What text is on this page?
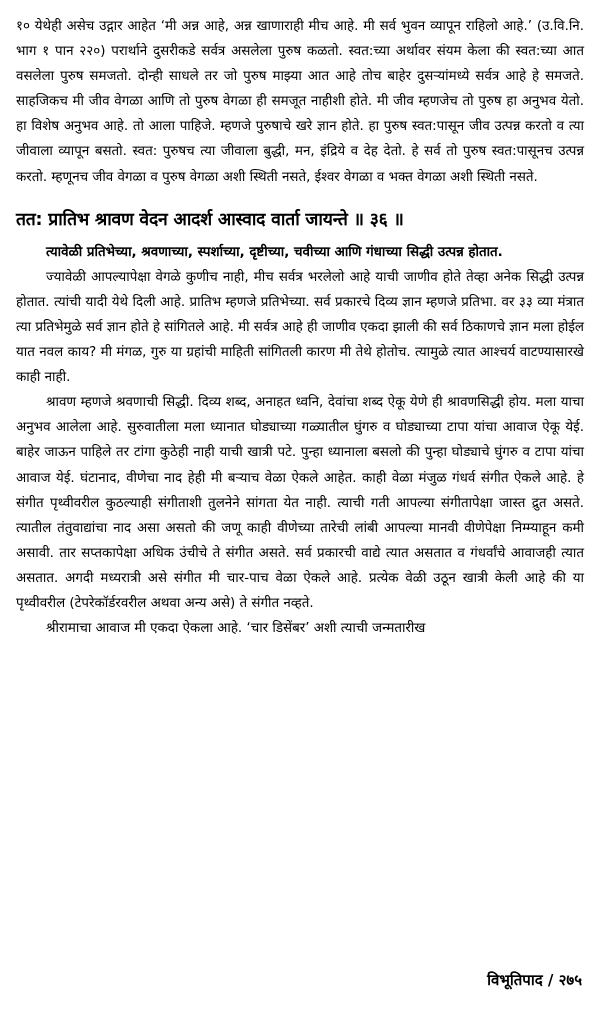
१० येथेही असेच उद्गार आहेत ‘मी अन्न आहे, अन्न खाणाराही मीच आहे. मी सर्व भुवन व्यापून राहिलो आहे.’ (उ.वि.नि. भाग १ पान २२०) परार्थाने दुसरीकडे सर्वत्र असलेला पुरुष कळतो. स्वत:च्या अर्थावर संयम केला की स्वत:च्या आत वसलेला पुरुष समजतो. दोन्ही साधले तर जो पुरुष माझ्या आत आहे तोच बाहेर दुसऱ्यांमध्ये सर्वत्र आहे हे समजते. साहजिकच मी जीव वेगळा आणि तो पुरुष वेगळा ही समजूत नाहीशी होते. मी जीव म्हणजेच तो पुरुष हा अनुभव येतो. हा विशेष अनुभव आहे. तो आला पाहिजे. म्हणजे पुरुषाचे खरे ज्ञान होते. हा पुरुष स्वत:पासून जीव उत्पन्न करतो व त्या जीवाला व्यापून बसतो. स्वत: पुरुषच त्या जीवाला बुद्धी, मन, इंद्रिये व देह देतो. हे सर्व तो पुरुष स्वत:पासूनच उत्पन्न करतो. म्हणूनच जीव वेगळा व पुरुष वेगळा अशी स्थिती नसते, ईश्वर वेगळा व भक्त वेगळा अशी स्थिती नसते.

तत: प्रातिभ श्रावण वेदन आदर्श आस्वाद वार्ता जायन्ते ॥ ३६ ॥

त्यावेळी प्रतिभेच्या, श्रवणाच्या, स्पर्शाच्या, दृष्टीच्या, चवीच्या आणि गंधाच्या सिद्धी उत्पन्न होतात.

ज्यावेळी आपल्यापेक्षा वेगळे कुणीच नाही, मीच सर्वत्र भरलेलो आहे याची जाणीव होते तेव्हा अनेक सिद्धी उत्पन्न होतात. त्यांची यादी येथे दिली आहे. प्रातिभ म्हणजे प्रतिभेच्या. सर्व प्रकारचे दिव्य ज्ञान म्हणजे प्रतिभा. वर ३३ व्या मंत्रात त्या प्रतिभेमुळे सर्व ज्ञान होते हे सांगितले आहे. मी सर्वत्र आहे ही जाणीव एकदा झाली की सर्व ठिकाणचे ज्ञान मला होईल यात नवल काय? मी मंगळ, गुरु या ग्रहांची माहिती सांगितली कारण मी तेथे होतोच. त्यामुळे त्यात आश्चर्य वाटण्यासारखे काही नाही.

श्रावण म्हणजे श्रवणाची सिद्धी. दिव्य शब्द, अनाहत ध्वनि, देवांचा शब्द ऐकू येणे ही श्रावणसिद्धी होय. मला याचा अनुभव आलेला आहे. सुरुवातीला मला ध्यानात घोड्याच्या गळ्यातील घुंगरु व घोड्याच्या टापा यांचा आवाज ऐकू येई. बाहेर जाऊन पाहिले तर टांगा कुठेही नाही याची खात्री पटे. पुन्हा ध्यानाला बसलो की पुन्हा घोड्याचे घुंगरु व टापा यांचा आवाज येई. घंटानाद, वीणेचा नाद हेही मी बऱ्याच वेळा ऐकले आहेत. काही वेळा मंजुळ गंधर्व संगीत ऐकले आहे. हे संगीत पृथ्वीवरील कुठल्याही संगीताशी तुलनेने सांगता येत नाही. त्याची गती आपल्या संगीतापेक्षा जास्त द्रुत असते. त्यातील तंतुवाद्यांचा नाद असा असतो की जणू काही वीणेच्या तारेची लांबी आपल्या मानवी वीणेपेक्षा निम्म्याहून कमी असावी. तार सप्तकापेक्षा अधिक उंचीचे ते संगीत असते. सर्व प्रकारची वाद्ये त्यात असतात व गंधर्वांचे आवाजही त्यात असतात. अगदी मध्यरात्री असे संगीत मी चार-पाच वेळा ऐकले आहे. प्रत्येक वेळी उठून खात्री केली आहे की या पृथ्वीवरील (टेपरेकॉर्डरवरील अथवा अन्य असे) ते संगीत नव्हते.

श्रीरामाचा आवाज मी एकदा ऐकला आहे. ‘चार डिसेंबर’ अशी त्याची जन्मतारीख

विभूतिपाद / २७५
